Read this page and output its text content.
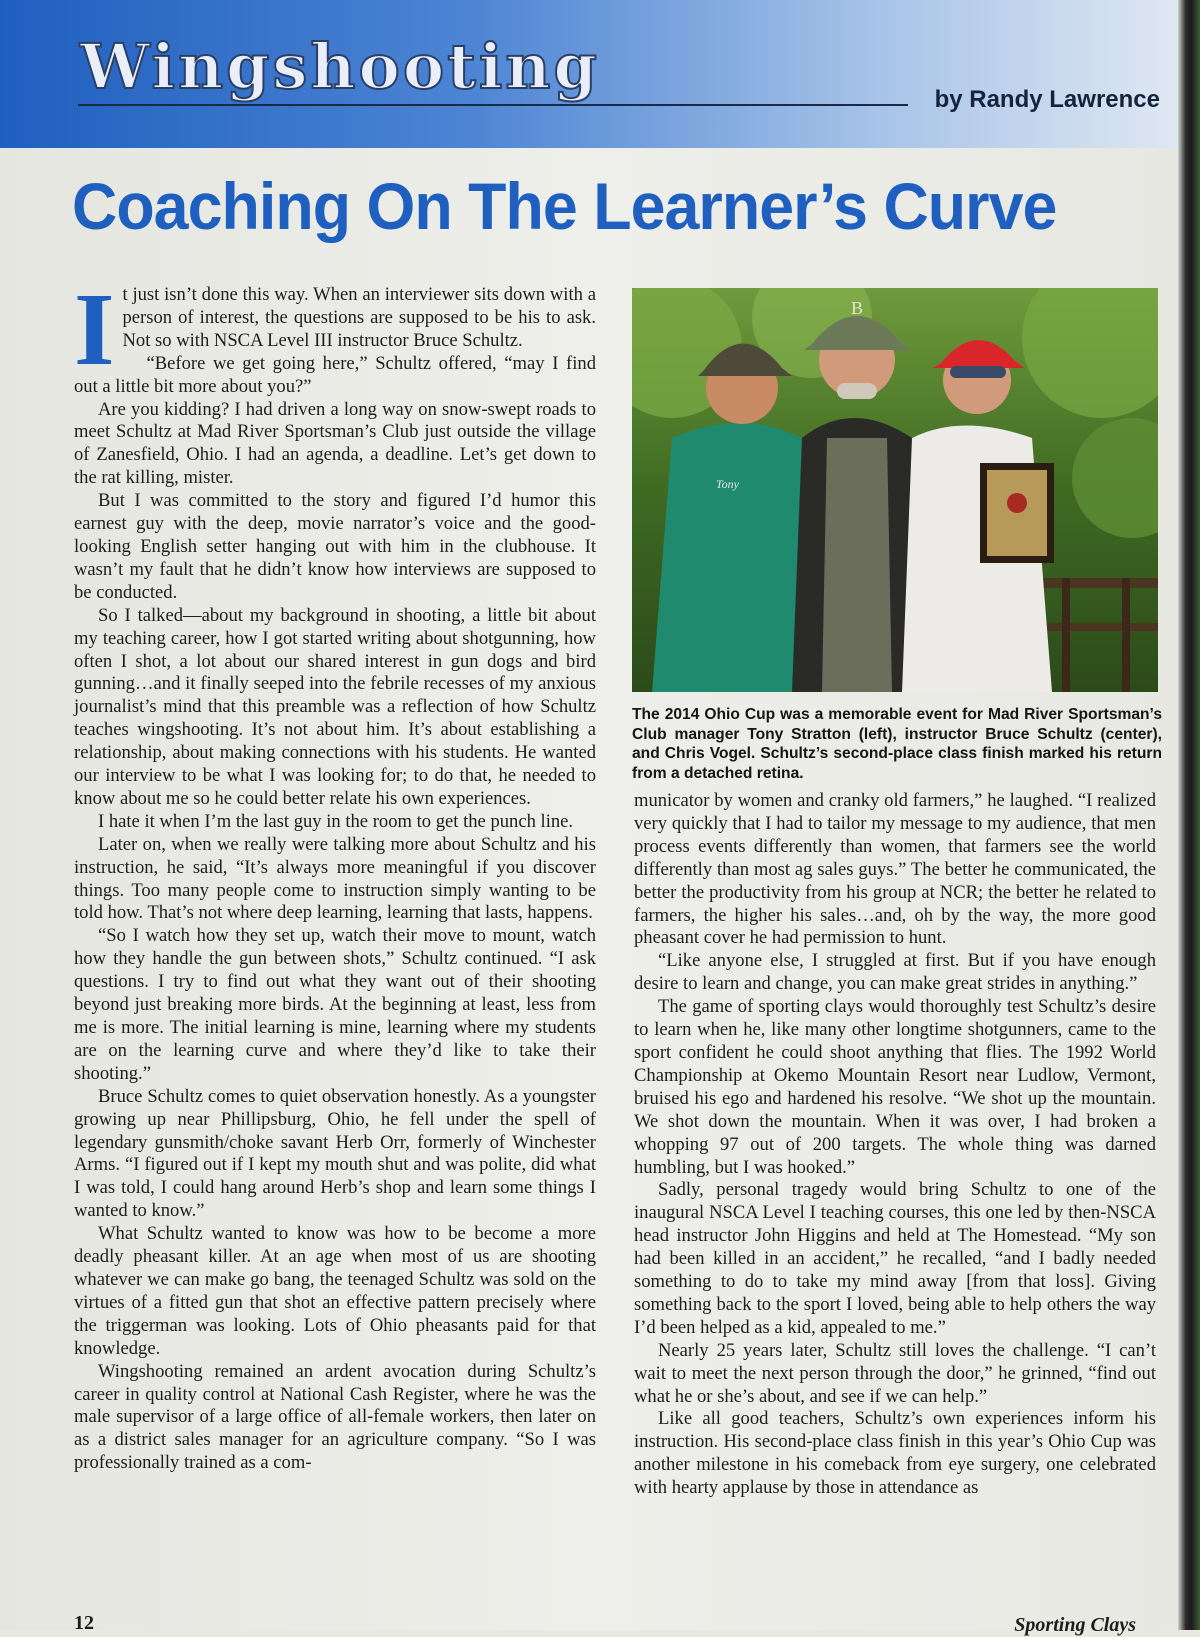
Wingshooting	by Randy Lawrence
Coaching On The Learner’s Curve
I t just isn’t done this way. When an interviewer sits down with a person of interest, the questions are supposed to be his to ask. Not so with NSCA Level III instructor Bruce Schultz.

“Before we get going here,” Schultz offered, “may I find out a little bit more about you?”

Are you kidding? I had driven a long way on snow-swept roads to meet Schultz at Mad River Sportsman’s Club just outside the village of Zanesfield, Ohio. I had an agenda, a deadline. Let’s get down to the rat killing, mister.

But I was committed to the story and figured I’d humor this earnest guy with the deep, movie narrator’s voice and the good-looking English setter hanging out with him in the clubhouse. It wasn’t my fault that he didn’t know how interviews are supposed to be conducted.

So I talked—about my background in shooting, a little bit about my teaching career, how I got started writing about shotgunning, how often I shot, a lot about our shared interest in gun dogs and bird gunning…and it finally seeped into the febrile recesses of my anxious journalist’s mind that this preamble was a reflection of how Schultz teaches wingshooting. It’s not about him. It’s about establishing a relationship, about making connections with his students. He wanted our interview to be what I was looking for; to do that, he needed to know about me so he could better relate his own experiences.

I hate it when I’m the last guy in the room to get the punch line.

Later on, when we really were talking more about Schultz and his instruction, he said, “It’s always more meaningful if you discover things. Too many people come to instruction simply wanting to be told how. That’s not where deep learning, learning that lasts, happens.

“So I watch how they set up, watch their move to mount, watch how they handle the gun between shots,” Schultz continued. “I ask questions. I try to find out what they want out of their shooting beyond just breaking more birds. At the beginning at least, less from me is more. The initial learning is mine, learning where my students are on the learning curve and where they’d like to take their shooting.”

Bruce Schultz comes to quiet observation honestly. As a youngster growing up near Phillipsburg, Ohio, he fell under the spell of legendary gunsmith/choke savant Herb Orr, formerly of Winchester Arms. “I figured out if I kept my mouth shut and was polite, did what I was told, I could hang around Herb’s shop and learn some things I wanted to know.”

What Schultz wanted to know was how to be become a more deadly pheasant killer. At an age when most of us are shooting whatever we can make go bang, the teenaged Schultz was sold on the virtues of a fitted gun that shot an effective pattern precisely where the triggerman was looking. Lots of Ohio pheasants paid for that knowledge.

Wingshooting remained an ardent avocation during Schultz’s career in quality control at National Cash Register, where he was the male supervisor of a large office of all-female workers, then later on as a district sales manager for an agriculture company. “So I was professionally trained as a com-

Tony
B
The 2014 Ohio Cup was a memorable event for Mad River Sportsman’s Club manager Tony Stratton (left), instructor Bruce Schultz (center), and Chris Vogel. Schultz’s second-place class finish marked his return from a detached retina.

municator by women and cranky old farmers,” he laughed. “I realized very quickly that I had to tailor my message to my audience, that men process events differently than women, that farmers see the world differently than most ag sales guys.” The better he communicated, the better the productivity from his group at NCR; the better he related to farmers, the higher his sales…and, oh by the way, the more good pheasant cover he had permission to hunt.

“Like anyone else, I struggled at first. But if you have enough desire to learn and change, you can make great strides in anything.”

The game of sporting clays would thoroughly test Schultz’s desire to learn when he, like many other longtime shotgunners, came to the sport confident he could shoot anything that flies. The 1992 World Championship at Okemo Mountain Resort near Ludlow, Vermont, bruised his ego and hardened his resolve. “We shot up the mountain. We shot down the mountain. When it was over, I had broken a whopping 97 out of 200 targets. The whole thing was darned humbling, but I was hooked.”

Sadly, personal tragedy would bring Schultz to one of the inaugural NSCA Level I teaching courses, this one led by then-NSCA head instructor John Higgins and held at The Homestead. “My son had been killed in an accident,” he recalled, “and I badly needed something to do to take my mind away [from that loss]. Giving something back to the sport I loved, being able to help others the way I’d been helped as a kid, appealed to me.”

Nearly 25 years later, Schultz still loves the challenge. “I can’t wait to meet the next person through the door,” he grinned, “find out what he or she’s about, and see if we can help.”

Like all good teachers, Schultz’s own experiences inform his instruction. His second-place class finish in this year’s Ohio Cup was another milestone in his comeback from eye surgery, one celebrated with hearty applause by those in attendance as

12	Sporting Clays
